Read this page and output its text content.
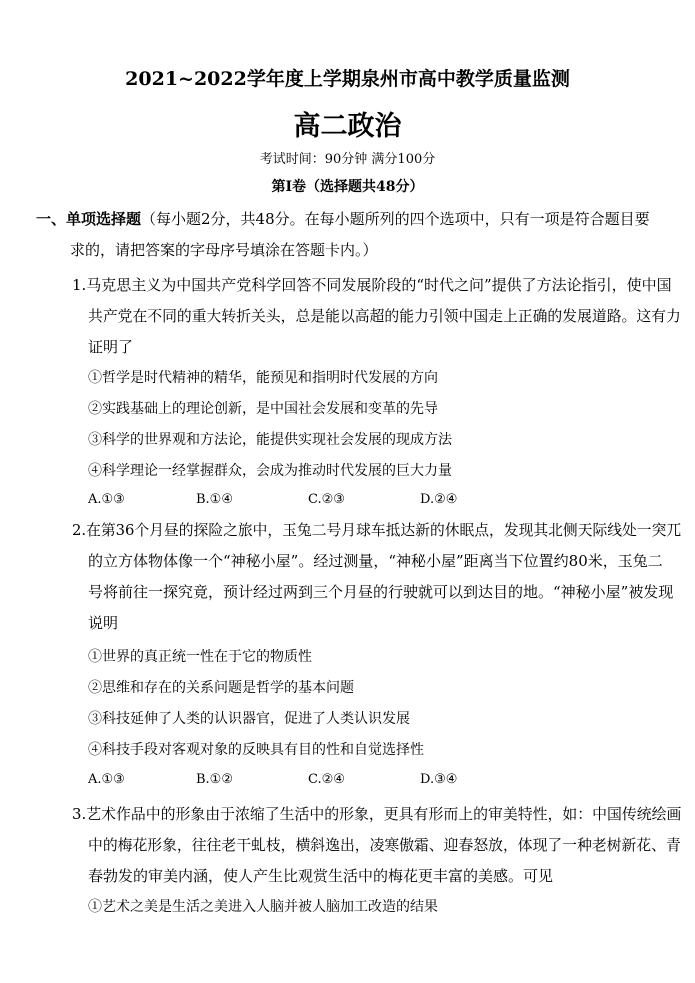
2021~2022学年度上学期泉州市高中教学质量监测
高二政治
考试时间：90分钟 满分100分
第Ⅰ卷（选择题共48分）
一、单项选择题（每小题2分，共48分。在每小题所列的四个选项中，只有一项是符合题目要
求的，请把答案的字母序号填涂在答题卡内。）
1.马克思主义为中国共产党科学回答不同发展阶段的“时代之问”提供了方法论指引，使中国
共产党在不同的重大转折关头，总是能以高超的能力引领中国走上正确的发展道路。这有力
证明了
①哲学是时代精神的精华，能预见和指明时代发展的方向
②实践基础上的理论创新，是中国社会发展和变革的先导
③科学的世界观和方法论，能提供实现社会发展的现成方法
④科学理论一经掌握群众，会成为推动时代发展的巨大力量
A.①③	B.①④	C.②③	D.②④
2.在第36个月昼的探险之旅中，玉兔二号月球车抵达新的休眠点，发现其北侧天际线处一突兀
的立方体物体像一个“神秘小屋”。经过测量，“神秘小屋”距离当下位置约80米，玉兔二
号将前往一探究竟，预计经过两到三个月昼的行驶就可以到达目的地。“神秘小屋”被发现
说明
①世界的真正统一性在于它的物质性
②思维和存在的关系问题是哲学的基本问题
③科技延伸了人类的认识器官，促进了人类认识发展
④科技手段对客观对象的反映具有目的性和自觉选择性
A.①③	B.①②	C.②④	D.③④
3.艺术作品中的形象由于浓缩了生活中的形象，更具有形而上的审美特性，如：中国传统绘画
中的梅花形象，往往老干虬枝，横斜逸出，凌寒傲霜、迎春怒放，体现了一种老树新花、青
春勃发的审美内涵，使人产生比观赏生活中的梅花更丰富的美感。可见
①艺术之美是生活之美进入人脑并被人脑加工改造的结果
